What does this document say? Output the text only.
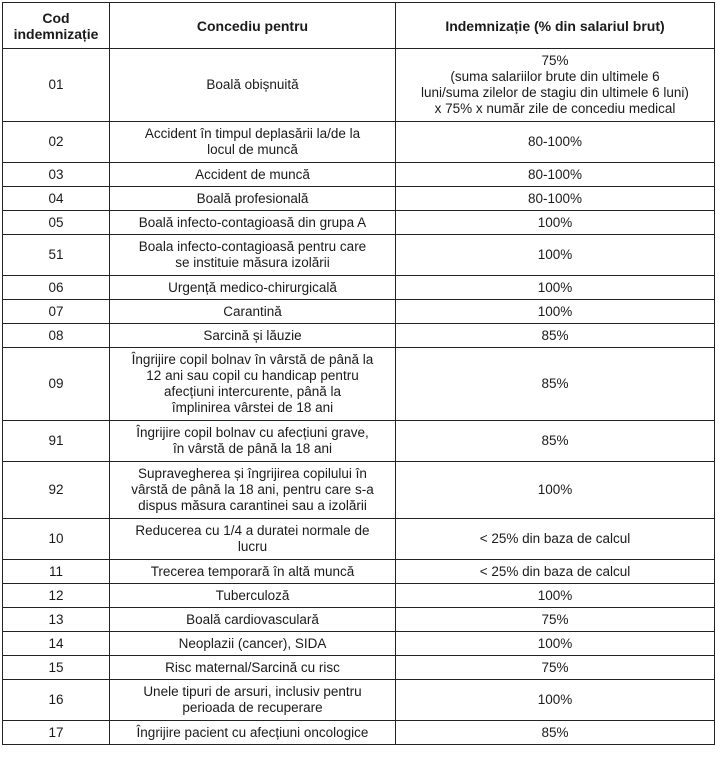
Cod
indemnizație	Concediu pentru	Indemnizație (% din salariul brut)
01	Boală obișnuită	75%
(suma salariilor brute din ultimele 6
luni/suma zilelor de stagiu din ultimele 6 luni)
x 75% x număr zile de concediu medical
02	Accident în timpul deplasării la/de la
locul de muncă	80-100%
03	Accident de muncă	80-100%
04	Boală profesională	80-100%
05	Boală infecto-contagioasă din grupa A	100%
51	Boala infecto-contagioasă pentru care
se instituie măsura izolării	100%
06	Urgență medico-chirurgicală	100%
07	Carantină	100%
08	Sarcină și lăuzie	85%
09	Îngrijire copil bolnav în vârstă de până la
12 ani sau copil cu handicap pentru
afecțiuni intercurente, până la
împlinirea vârstei de 18 ani	85%
91	Îngrijire copil bolnav cu afecțiuni grave,
în vârstă de până la 18 ani	85%
92	Supravegherea și îngrijirea copilului în
vârstă de până la 18 ani, pentru care s-a
dispus măsura carantinei sau a izolării	100%
10	Reducerea cu 1/4 a duratei normale de
lucru	< 25% din baza de calcul
11	Trecerea temporară în altă muncă	< 25% din baza de calcul
12	Tuberculoză	100%
13	Boală cardiovasculară	75%
14	Neoplazii (cancer), SIDA	100%
15	Risc maternal/Sarcină cu risc	75%
16	Unele tipuri de arsuri, inclusiv pentru
perioada de recuperare	100%
17	Îngrijire pacient cu afecțiuni oncologice	85%
